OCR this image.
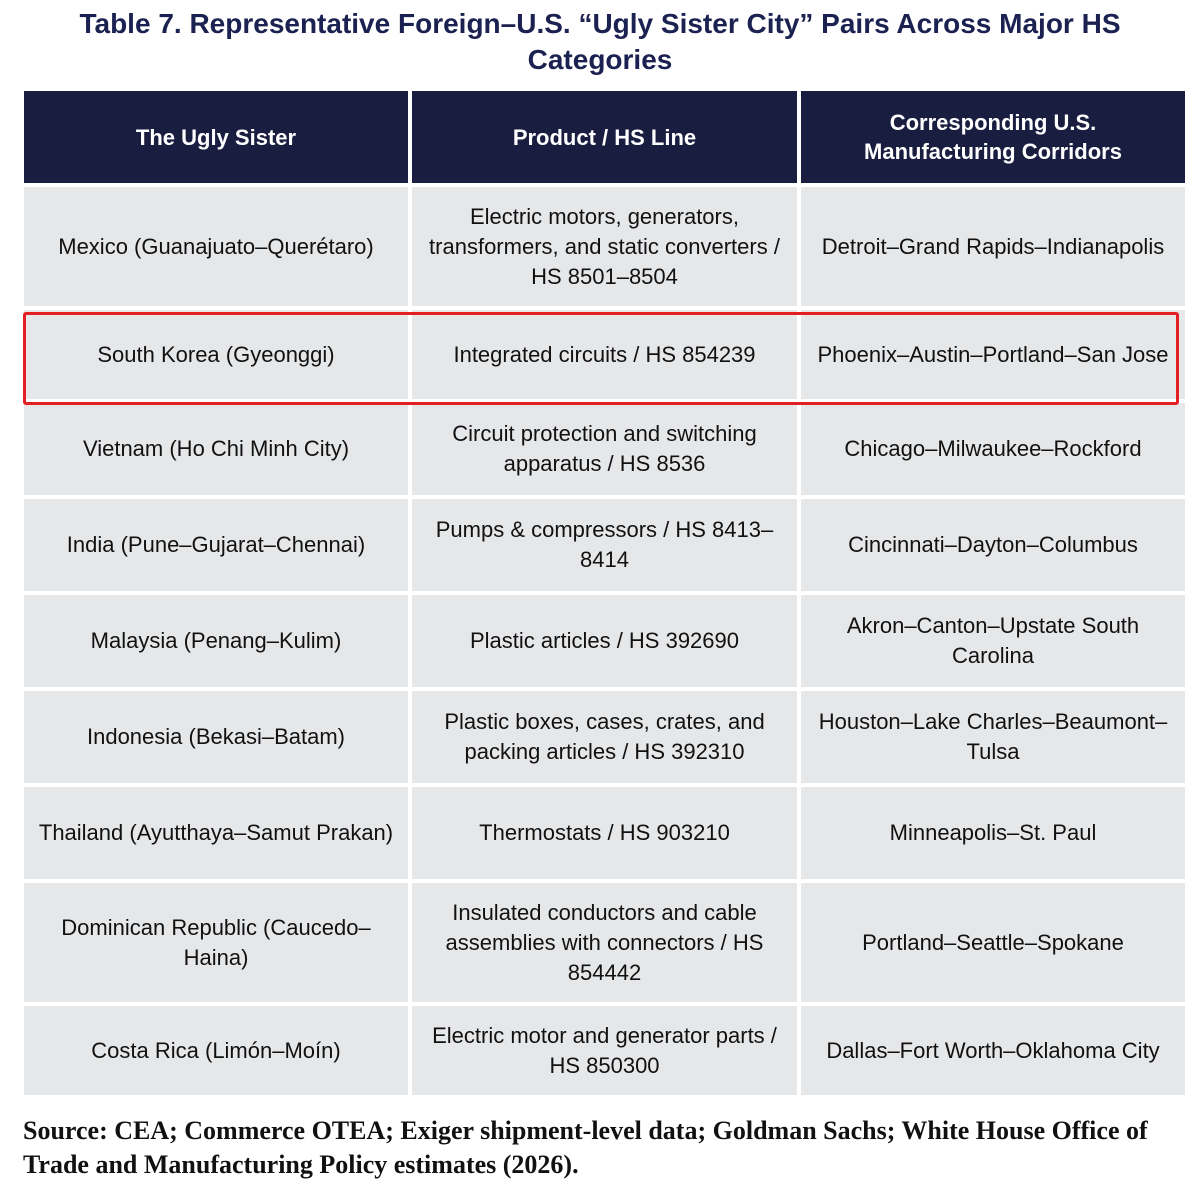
Table 7. Representative Foreign–U.S. “Ugly Sister City” Pairs Across Major HS Categories
The Ugly Sister	Product / HS Line	Corresponding U.S. Manufacturing Corridors
Mexico (Guanajuato–Querétaro)	Electric motors, generators, transformers, and static converters / HS 8501–8504	Detroit–Grand Rapids–Indianapolis
South Korea (Gyeonggi)	Integrated circuits / HS 854239	Phoenix–Austin–Portland–San Jose
Vietnam (Ho Chi Minh City)	Circuit protection and switching apparatus / HS 8536	Chicago–Milwaukee–Rockford
India (Pune–Gujarat–Chennai)	Pumps & compressors / HS 8413–8414	Cincinnati–Dayton–Columbus
Malaysia (Penang–Kulim)	Plastic articles / HS 392690	Akron–Canton–Upstate South Carolina
Indonesia (Bekasi–Batam)	Plastic boxes, cases, crates, and packing articles / HS 392310	Houston–Lake Charles–Beaumont–Tulsa
Thailand (Ayutthaya–Samut Prakan)	Thermostats / HS 903210	Minneapolis–St. Paul
Dominican Republic (Caucedo–Haina)	Insulated conductors and cable assemblies with connectors / HS 854442	Portland–Seattle–Spokane
Costa Rica (Limón–Moín)	Electric motor and generator parts / HS 850300	Dallas–Fort Worth–Oklahoma City
Source: CEA; Commerce OTEA; Exiger shipment-level data; Goldman Sachs; White House Office of Trade and Manufacturing Policy estimates (2026).
